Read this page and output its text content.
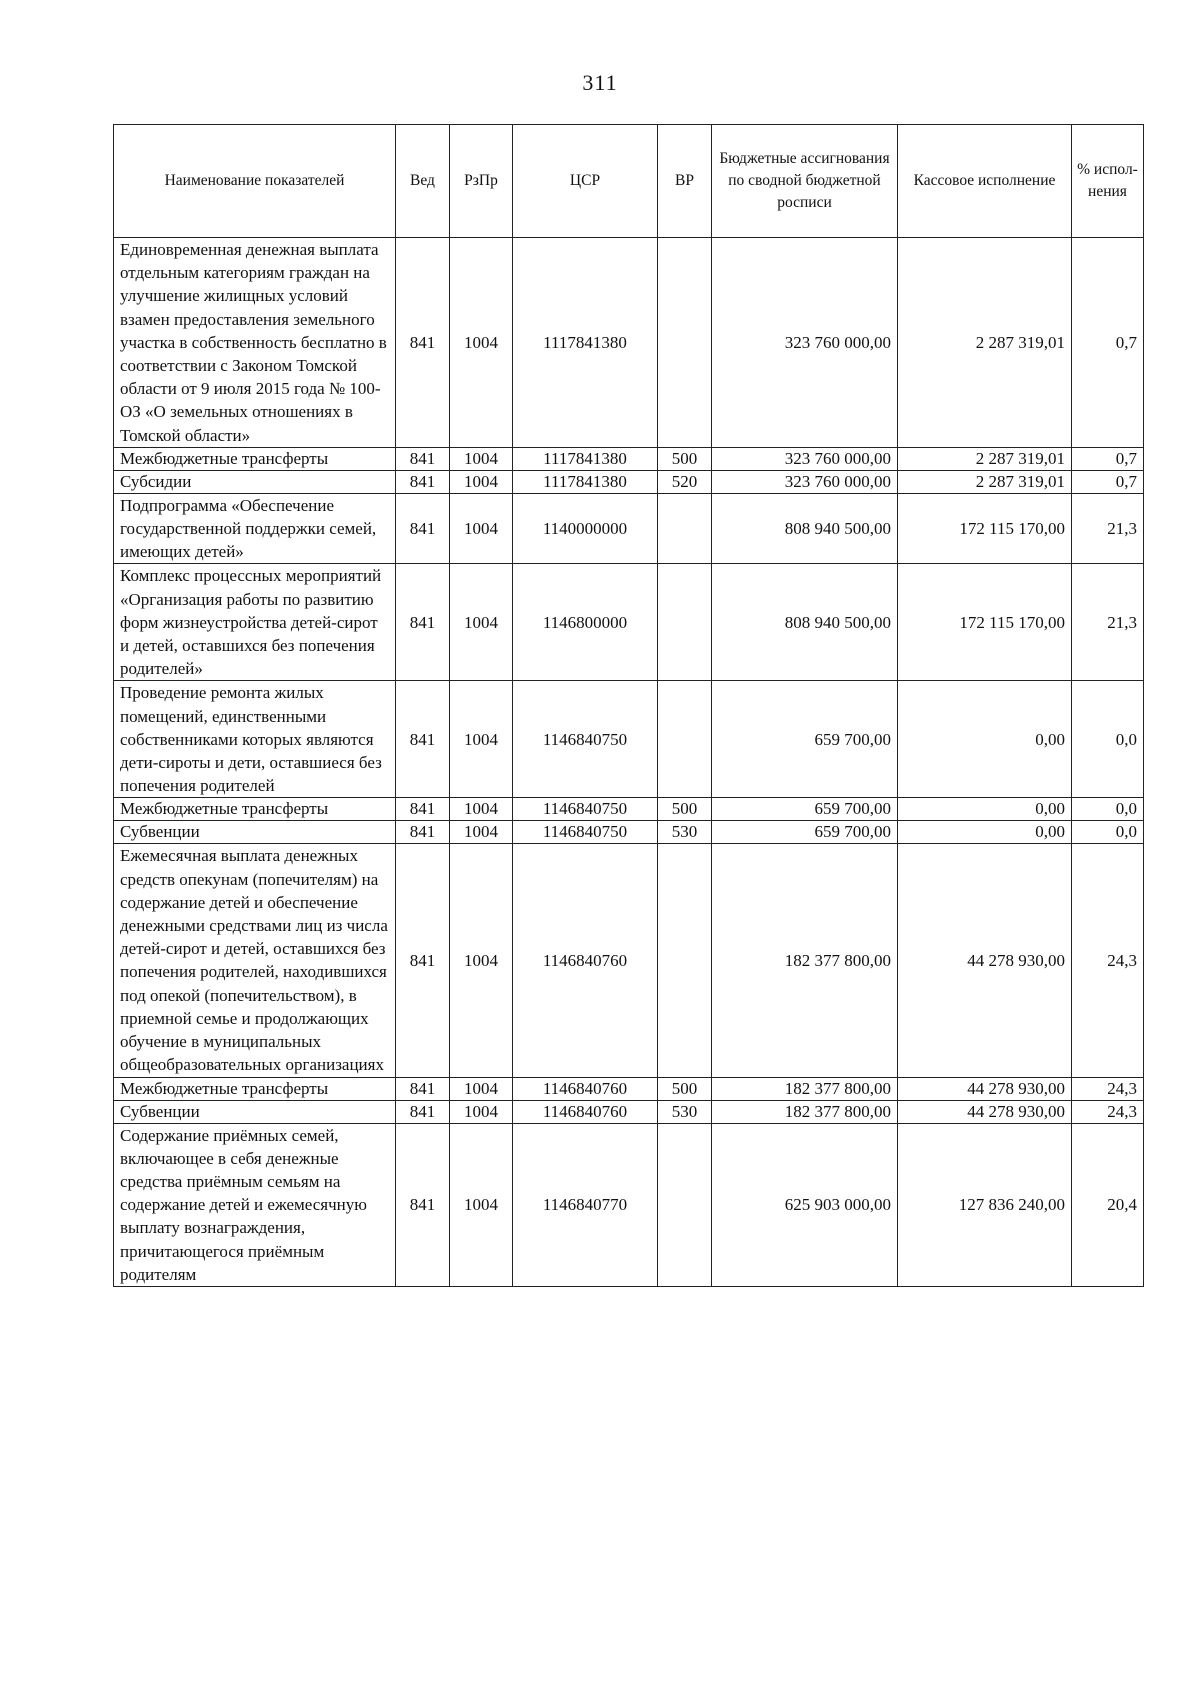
311
Наименование показателей	Вед	РзПр	ЦСР	ВР	Бюджетные ассигнования по сводной бюджетной росписи	Кассовое исполнение	% испол-нения
Единовременная денежная выплата отдельным категориям граждан на улучшение жилищных условий взамен предоставления земельного участка в собственность бесплатно в соответствии с Законом Томской области от 9 июля 2015 года № 100-ОЗ «О земельных отношениях в Томской области»	841	1004	1117841380		323 760 000,00	2 287 319,01	0,7
Межбюджетные трансферты	841	1004	1117841380	500	323 760 000,00	2 287 319,01	0,7
Субсидии	841	1004	1117841380	520	323 760 000,00	2 287 319,01	0,7
Подпрограмма «Обеспечение государственной поддержки семей, имеющих детей»	841	1004	1140000000		808 940 500,00	172 115 170,00	21,3
Комплекс процессных мероприятий «Организация работы по развитию форм жизнеустройства детей-сирот и детей, оставшихся без попечения родителей»	841	1004	1146800000		808 940 500,00	172 115 170,00	21,3
Проведение ремонта жилых помещений, единственными собственниками которых являются дети-сироты и дети, оставшиеся без попечения родителей	841	1004	1146840750		659 700,00	0,00	0,0
Межбюджетные трансферты	841	1004	1146840750	500	659 700,00	0,00	0,0
Субвенции	841	1004	1146840750	530	659 700,00	0,00	0,0
Ежемесячная выплата денежных средств опекунам (попечителям) на содержание детей и обеспечение денежными средствами лиц из числа детей-сирот и детей, оставшихся без попечения родителей, находившихся под опекой (попечительством), в приемной семье и продолжающих обучение в муниципальных общеобразовательных организациях	841	1004	1146840760		182 377 800,00	44 278 930,00	24,3
Межбюджетные трансферты	841	1004	1146840760	500	182 377 800,00	44 278 930,00	24,3
Субвенции	841	1004	1146840760	530	182 377 800,00	44 278 930,00	24,3
Содержание приёмных семей, включающее в себя денежные средства приёмным семьям на содержание детей и ежемесячную выплату вознаграждения, причитающегося приёмным родителям	841	1004	1146840770		625 903 000,00	127 836 240,00	20,4
